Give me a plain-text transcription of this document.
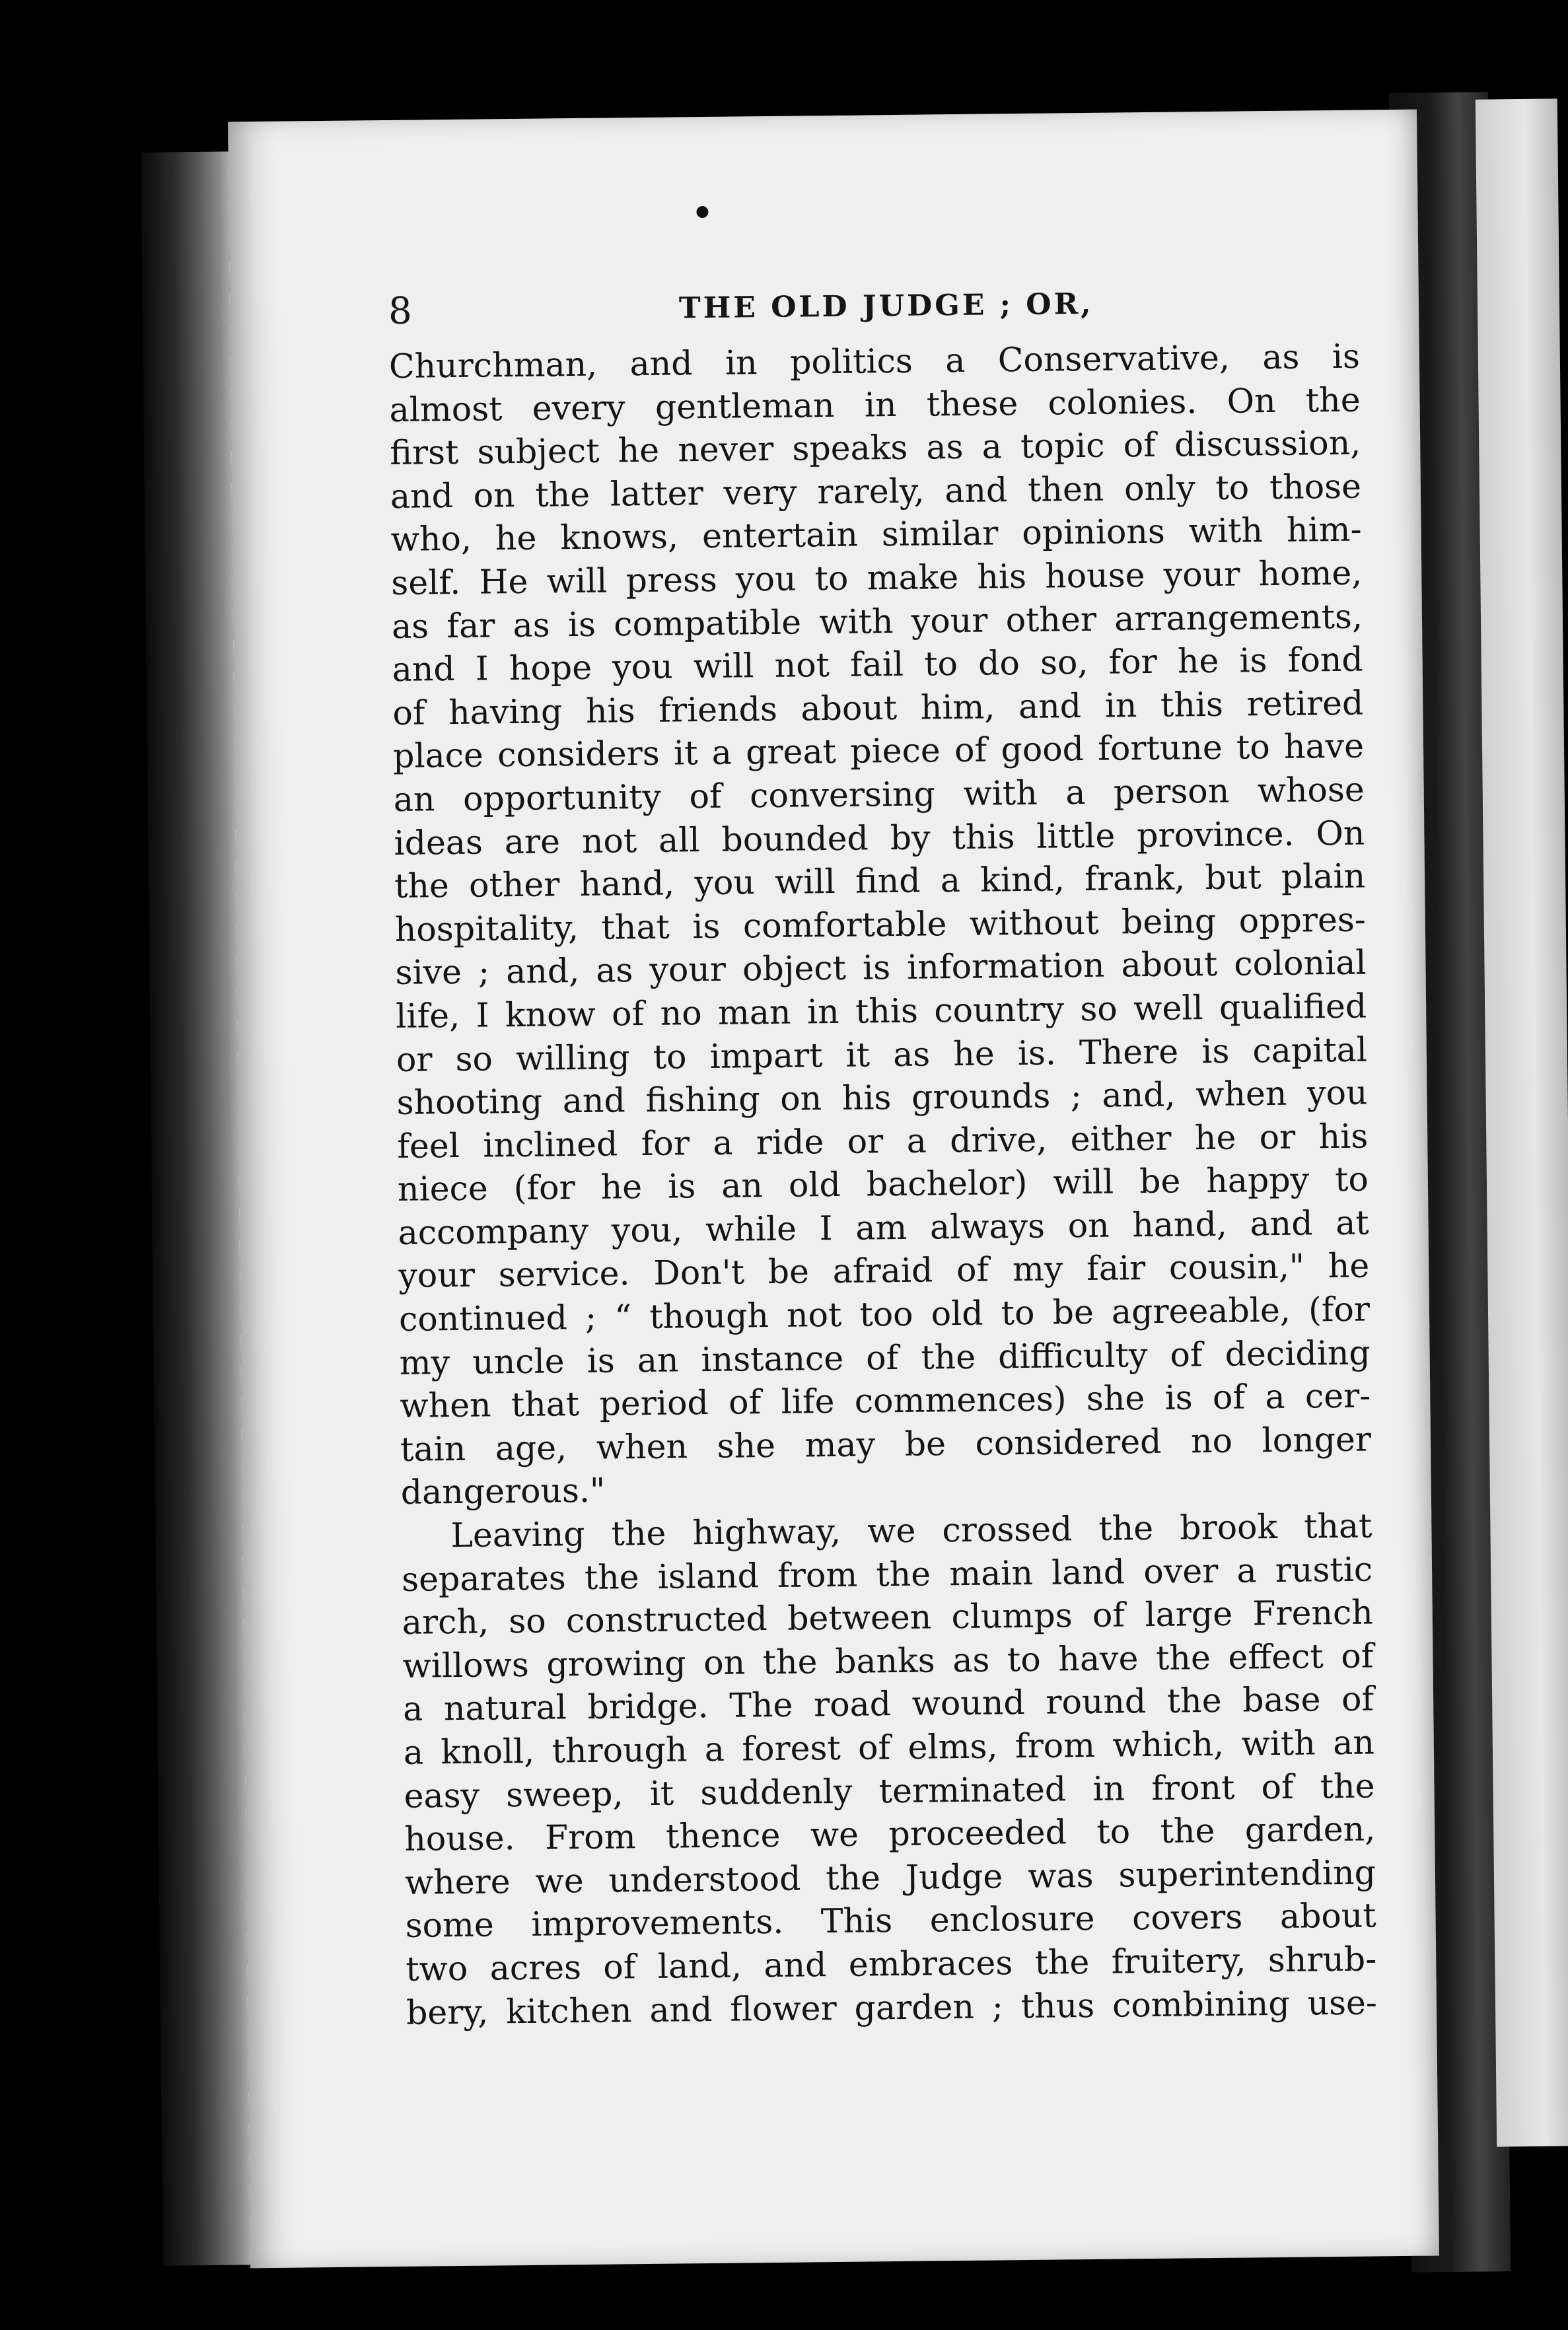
8	THE OLD JUDGE ; OR,
Churchman, and in politics a Conservative, as is
almost every gentleman in these colonies. On the
first subject he never speaks as a topic of discussion,
and on the latter very rarely, and then only to those
who, he knows, entertain similar opinions with him-
self. He will press you to make his house your home,
as far as is compatible with your other arrangements,
and I hope you will not fail to do so, for he is fond
of having his friends about him, and in this retired
place considers it a great piece of good fortune to have
an opportunity of conversing with a person whose
ideas are not all bounded by this little province. On
the other hand, you will find a kind, frank, but plain
hospitality, that is comfortable without being oppres-
sive ; and, as your object is information about colonial
life, I know of no man in this country so well qualified
or so willing to impart it as he is. There is capital
shooting and fishing on his grounds ; and, when you
feel inclined for a ride or a drive, either he or his
niece (for he is an old bachelor) will be happy to
accompany you, while I am always on hand, and at
your service. Don't be afraid of my fair cousin," he
continued ; “ though not too old to be agreeable, (for
my uncle is an instance of the difficulty of deciding
when that period of life commences) she is of a cer-
tain age, when she may be considered no longer
dangerous."
Leaving the highway, we crossed the brook that
separates the island from the main land over a rustic
arch, so constructed between clumps of large French
willows growing on the banks as to have the effect of
a natural bridge. The road wound round the base of
a knoll, through a forest of elms, from which, with an
easy sweep, it suddenly terminated in front of the
house. From thence we proceeded to the garden,
where we understood the Judge was superintending
some improvements. This enclosure covers about
two acres of land, and embraces the fruitery, shrub-
bery, kitchen and flower garden ; thus combining use-
